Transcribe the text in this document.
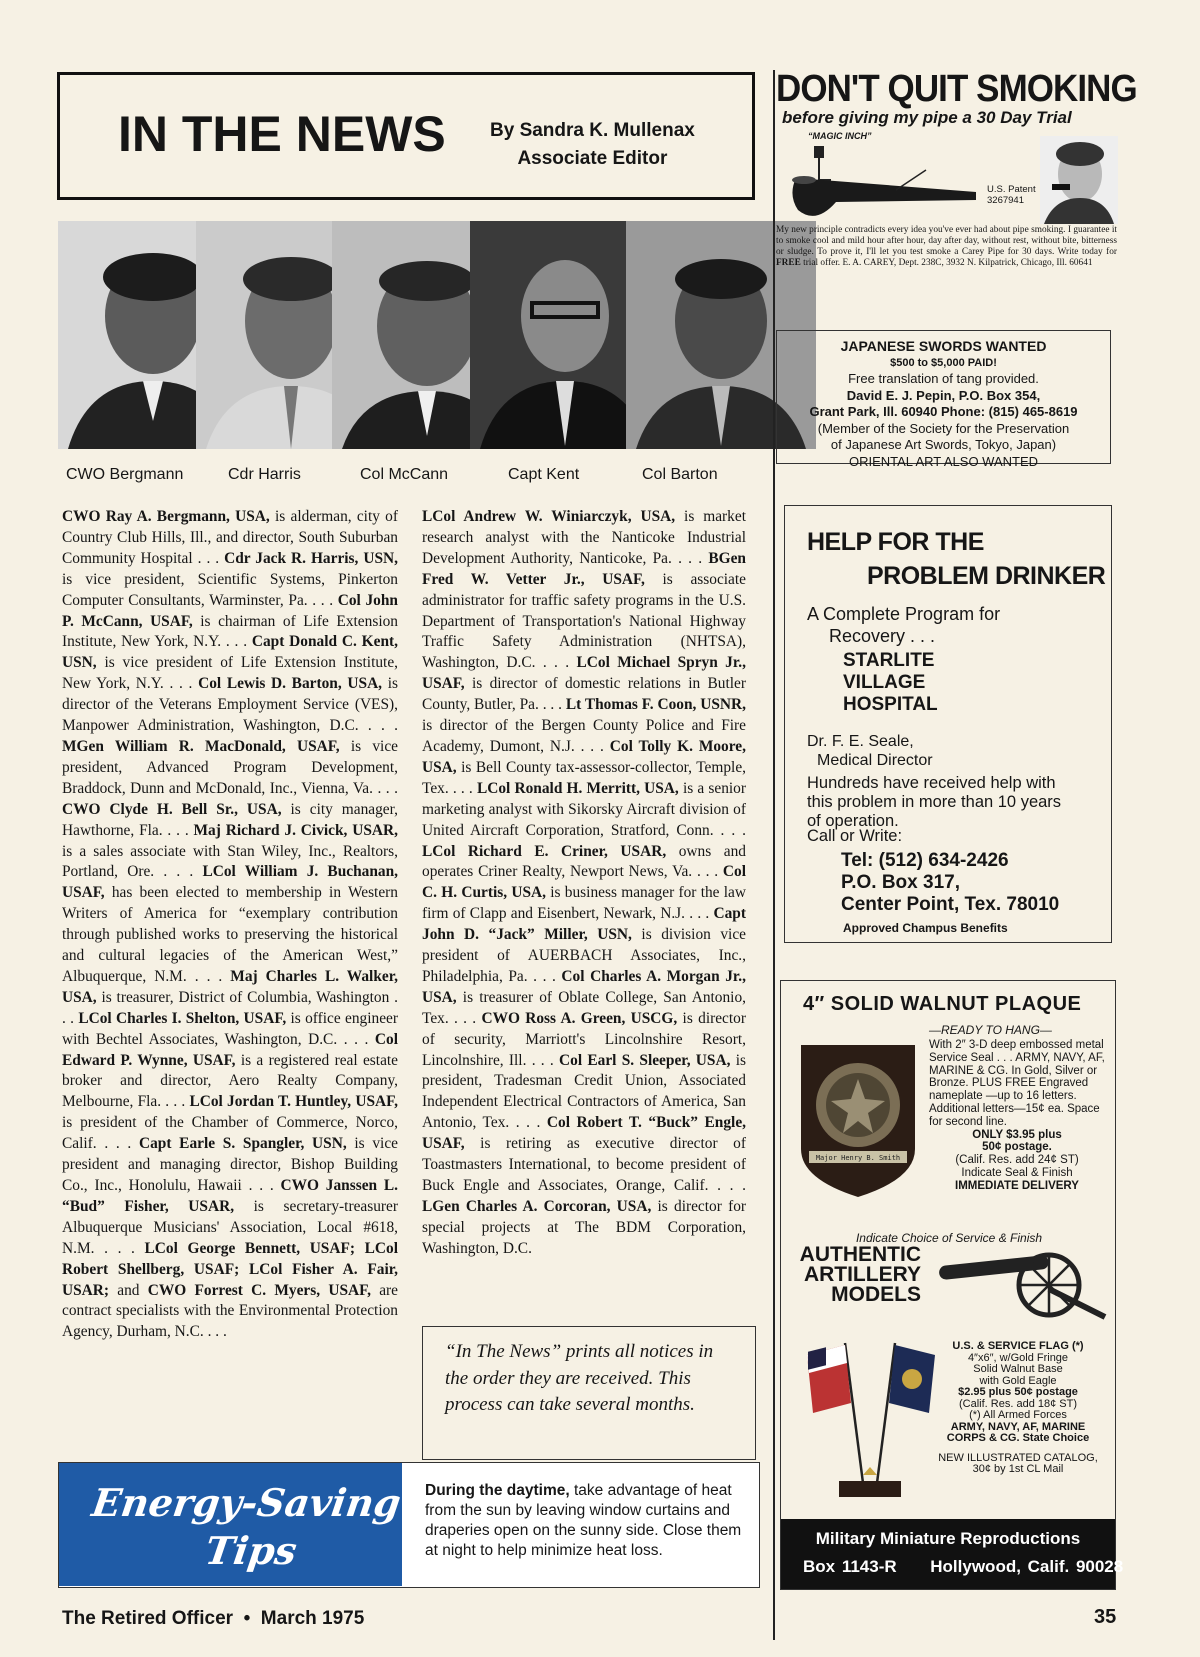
IN THE NEWS By Sandra K. Mullenax
Associate Editor
CWO Bergmann	Cdr Harris	Col McCann	Capt Kent	Col Barton
CWO Ray A. Bergmann, USA, is alderman, city of Country Club Hills, Ill., and director, South Suburban Community Hospital . . . Cdr Jack R. Harris, USN, is vice president, Scientific Systems, Pinkerton Computer Consultants, Warminster, Pa. . . . Col John P. McCann, USAF, is chairman of Life Extension Institute, New York, N.Y. . . . Capt Donald C. Kent, USN, is vice president of Life Extension Institute, New York, N.Y. . . . Col Lewis D. Barton, USA, is director of the Veterans Employment Service (VES), Manpower Administration, Washington, D.C. . . . MGen William R. MacDonald, USAF, is vice president, Advanced Program Development, Braddock, Dunn and McDonald, Inc., Vienna, Va. . . . CWO Clyde H. Bell Sr., USA, is city manager, Hawthorne, Fla. . . . Maj Richard J. Civick, USAR, is a sales associate with Stan Wiley, Inc., Realtors, Portland, Ore. . . . LCol William J. Buchanan, USAF, has been elected to membership in Western Writers of America for “exemplary contribution through published works to preserving the historical and cultural legacies of the American West,” Albuquerque, N.M. . . . Maj Charles L. Walker, USA, is treasurer, District of Columbia, Washington . . . LCol Charles I. Shelton, USAF, is office engineer with Bechtel Associates, Washington, D.C. . . . Col Edward P. Wynne, USAF, is a registered real estate broker and director, Aero Realty Company, Melbourne, Fla. . . . LCol Jordan T. Huntley, USAF, is president of the Chamber of Commerce, Norco, Calif. . . . Capt Earle S. Spangler, USN, is vice president and managing director, Bishop Building Co., Inc., Honolulu, Hawaii . . . CWO Janssen L. “Bud” Fisher, USAR, is secretary-treasurer Albuquerque Musicians' Association, Local #618, N.M. . . . LCol George Bennett, USAF; LCol Robert Shellberg, USAF; LCol Fisher A. Fair, USAR; and CWO Forrest C. Myers, USAF, are contract specialists with the Environmental Protection Agency, Durham, N.C. . . .
LCol Andrew W. Winiarczyk, USA, is market research analyst with the Nanticoke Industrial Development Authority, Nanticoke, Pa. . . . BGen Fred W. Vetter Jr., USAF, is associate administrator for traffic safety programs in the U.S. Department of Transportation's National Highway Traffic Safety Administration (NHTSA), Washington, D.C. . . . LCol Michael Spryn Jr., USAF, is director of domestic relations in Butler County, Butler, Pa. . . . Lt Thomas F. Coon, USNR, is director of the Bergen County Police and Fire Academy, Dumont, N.J. . . . Col Tolly K. Moore, USA, is Bell County tax-assessor-collector, Temple, Tex. . . . LCol Ronald H. Merritt, USA, is a senior marketing analyst with Sikorsky Aircraft division of United Aircraft Corporation, Stratford, Conn. . . . LCol Richard E. Criner, USAR, owns and operates Criner Realty, Newport News, Va. . . . Col C. H. Curtis, USA, is business manager for the law firm of Clapp and Eisenbert, Newark, N.J. . . . Capt John D. “Jack” Miller, USN, is division vice president of AUERBACH Associates, Inc., Philadelphia, Pa. . . . Col Charles A. Morgan Jr., USA, is treasurer of Oblate College, San Antonio, Tex. . . . CWO Ross A. Green, USCG, is director of security, Marriott's Lincolnshire Resort, Lincolnshire, Ill. . . . Col Earl S. Sleeper, USA, is president, Tradesman Credit Union, Associated Independent Electrical Contractors of America, San Antonio, Tex. . . . Col Robert T. “Buck” Engle, USAF, is retiring as executive director of Toastmasters International, to become president of Buck Engle and Associates, Orange, Calif. . . . LGen Charles A. Corcoran, USA, is director for special projects at The BDM Corporation, Washington, D.C.
“In The News” prints all notices in the order they are received. This process can take several months.
Energy-Saving
Tips
During the daytime, take advantage of heat from the sun by leaving window curtains and draperies open on the sunny side. Close them at night to help minimize heat loss.
DON'T QUIT SMOKING
before giving my pipe a 30 Day Trial
“MAGIC INCH”
U.S. Patent
3267941
My new principle contradicts every idea you've ever had about pipe smoking. I guarantee it to smoke cool and mild hour after hour, day after day, without rest, without bite, bitterness or sludge. To prove it, I'll let you test smoke a Carey Pipe for 30 days. Write today for FREE trial offer. E. A. CAREY, Dept. 238C, 3932 N. Kilpatrick, Chicago, Ill. 60641
JAPANESE SWORDS WANTED
$500 to $5,000 PAID!
Free translation of tang provided.
David E. J. Pepin, P.O. Box 354,
Grant Park, Ill. 60940 Phone: (815) 465-8619
(Member of the Society for the Preservation
of Japanese Art Swords, Tokyo, Japan)
ORIENTAL ART ALSO WANTED
HELP FOR THE
PROBLEM DRINKER
A Complete Program for
Recovery . . .
STARLITE
VILLAGE
HOSPITAL
Dr. F. E. Seale,
Medical Director
Hundreds have received help with
this problem in more than 10 years
of operation.
Call or Write:
Tel: (512) 634-2426
P.O. Box 317,
Center Point, Tex. 78010
Approved Champus Benefits
4″ SOLID WALNUT PLAQUE
—READY TO HANG—
With 2″ 3-D deep embossed metal Service Seal . . . ARMY, NAVY, AF, MARINE & CG. In Gold, Silver or Bronze. PLUS FREE Engraved nameplate —up to 16 letters. Additional letters—15¢ ea. Space for second line.
ONLY $3.95 plus
50¢ postage.
(Calif. Res. add 24¢ ST)
Indicate Seal & Finish
IMMEDIATE DELIVERY
Major Henry B. Smith
Indicate Choice of Service & Finish
AUTHENTIC
ARTILLERY
MODELS
U.S. & SERVICE FLAG (*)
4″x6″, w/Gold Fringe
Solid Walnut Base
with Gold Eagle
$2.95 plus 50¢ postage
(Calif. Res. add 18¢ ST)
(*) All Armed Forces
ARMY, NAVY, AF, MARINE
CORPS & CG. State Choice
NEW ILLUSTRATED CATALOG,
30¢ by 1st CL Mail
Military Miniature Reproductions
Box 1143-R     Hollywood, Calif. 90028
The Retired Officer  •  March 1975	35
